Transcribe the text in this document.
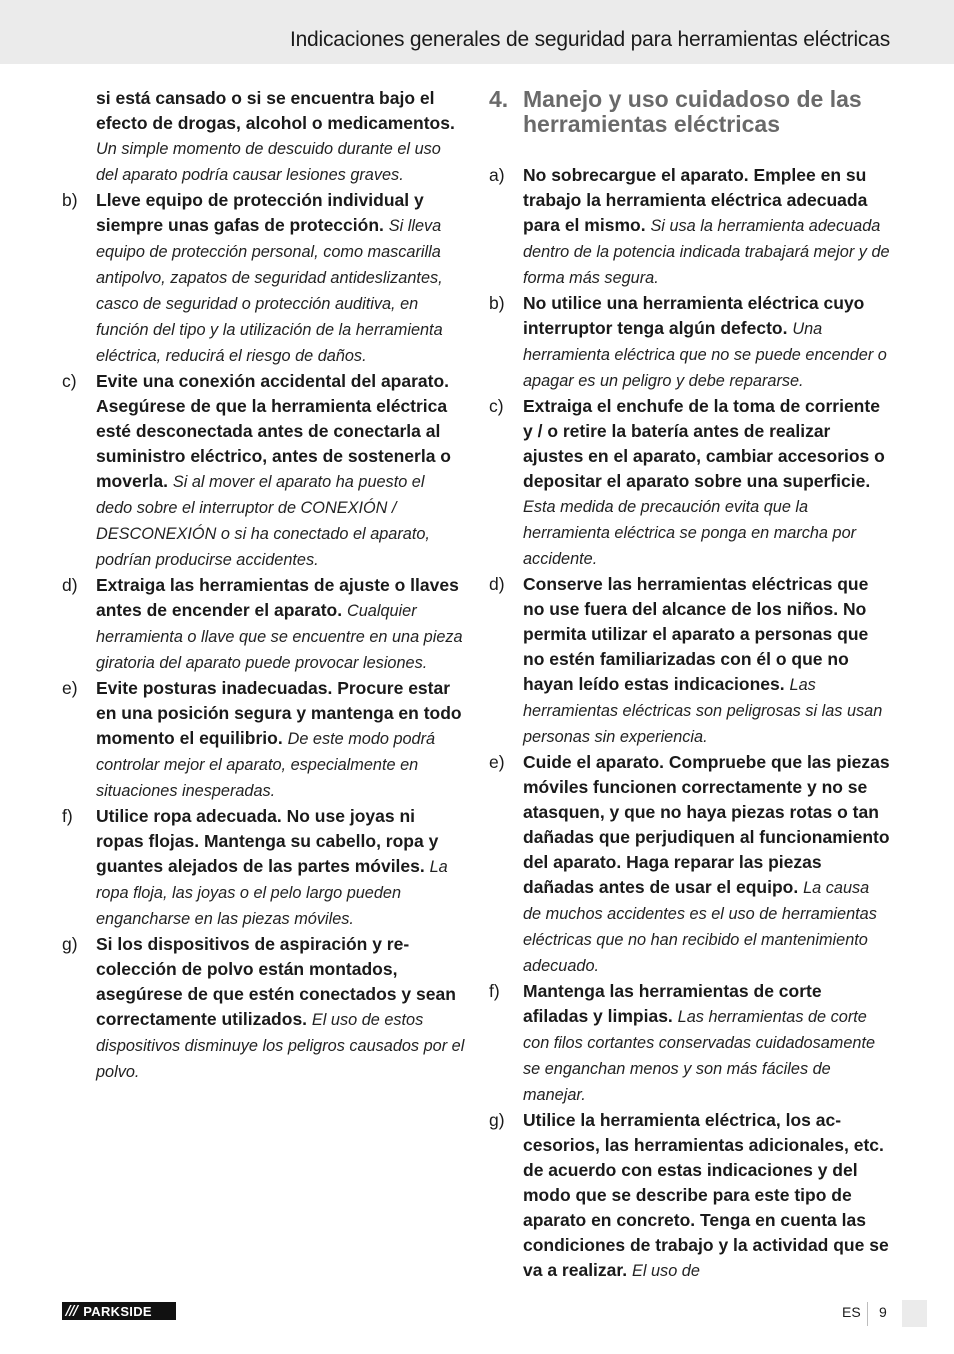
Indicaciones generales de seguridad para herramientas eléctricas
si está cansado o si se encuentra bajo el efecto de drogas, alcohol o medicamentos. Un simple momento de descuido durante el uso del aparato podría causar lesiones graves.
b) Lleve equipo de protección individual y siempre unas gafas de protección. Si lleva equipo de protección personal, como mascarilla antipolvo, zapatos de seguridad antideslizantes, casco de seguridad o protección auditiva, en función del tipo y la utilización de la herramienta eléctrica, reducirá el riesgo de daños.
c) Evite una conexión accidental del aparato. Asegúrese de que la herramienta eléctrica esté desconectada antes de conectarla al suministro eléctrico, antes de sostenerla o moverla. Si al mover el aparato ha puesto el dedo sobre el interruptor de CONEXIÓN / DESCONEXIÓN o si ha conectado el aparato, podrían producirse accidentes.
d) Extraiga las herramientas de ajuste o llaves antes de encender el aparato. Cualquier herramienta o llave que se encuentre en una pieza giratoria del aparato puede provocar lesiones.
e) Evite posturas inadecuadas. Procure estar en una posición segura y mantenga en todo momento el equilibrio. De este modo podrá controlar mejor el aparato, especialmente en situaciones inesperadas.
f) Utilice ropa adecuada. No use joyas ni ropas flojas. Mantenga su cabello, ropa y guantes alejados de las partes móviles. La ropa floja, las joyas o el pelo largo pueden engancharse en las piezas móviles.
g) Si los dispositivos de aspiración y recolección de polvo están montados, asegúrese de que estén conectados y sean correctamente utilizados. El uso de estos dispositivos disminuye los peligros causados por el polvo.
4. Manejo y uso cuidadoso de las herramientas eléctricas
a) No sobrecargue el aparato. Emplee en su trabajo la herramienta eléctrica adecuada para el mismo. Si usa la herramienta adecuada dentro de la potencia indicada trabajará mejor y de forma más segura.
b) No utilice una herramienta eléctrica cuyo interruptor tenga algún defecto. Una herramienta eléctrica que no se puede encender o apagar es un peligro y debe repararse.
c) Extraiga el enchufe de la toma de corriente y / o retire la batería antes de realizar ajustes en el aparato, cambiar accesorios o depositar el aparato sobre una superficie. Esta medida de precaución evita que la herramienta eléctrica se ponga en marcha por accidente.
d) Conserve las herramientas eléctricas que no use fuera del alcance de los niños. No permita utilizar el aparato a personas que no estén familiarizadas con él o que no hayan leído estas indicaciones. Las herramientas eléctricas son peligrosas si las usan personas sin experiencia.
e) Cuide el aparato. Compruebe que las piezas móviles funcionen correctamente y no se atasquen, y que no haya piezas rotas o tan dañadas que perjudiquen al funcionamiento del aparato. Haga reparar las piezas dañadas antes de usar el equipo. La causa de muchos accidentes es el uso de herramientas eléctricas que no han recibido el mantenimiento adecuado.
f) Mantenga las herramientas de corte afiladas y limpias. Las herramientas de corte con filos cortantes conservadas cuidadosamente se enganchan menos y son más fáciles de manejar.
g) Utilice la herramienta eléctrica, los accesorios, las herramientas adicionales, etc. de acuerdo con estas indicaciones y del modo que se describe para este tipo de aparato en concreto. Tenga en cuenta las condiciones de trabajo y la actividad que se va a realizar. El uso de
/// PARKSIDE	ES 9
